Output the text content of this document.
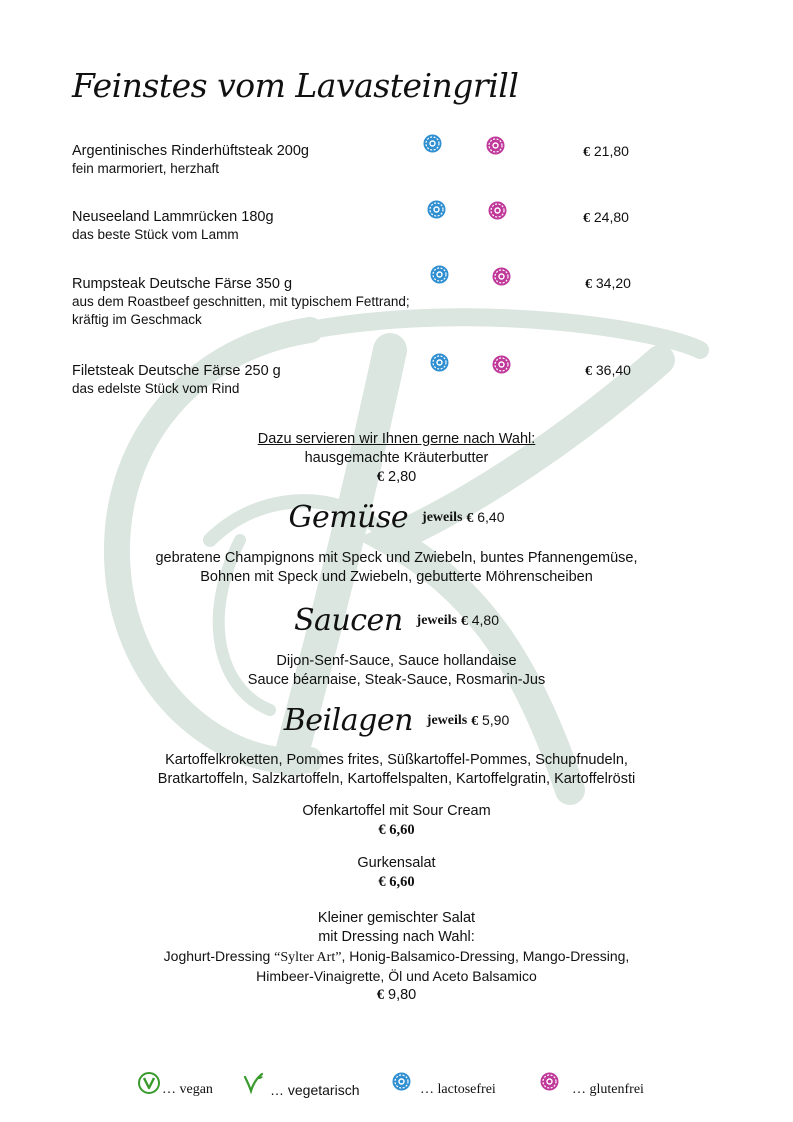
Feinstes vom Lavasteingrill
Argentinisches Rinderhüftsteak 200g
fein marmoriert, herzhaft
€ 21,80
Neuseeland Lammrücken 180g
das beste Stück vom Lamm
€ 24,80
Rumpsteak Deutsche Färse 350 g
aus dem Roastbeef geschnitten, mit typischem Fettrand;
kräftig im Geschmack
€ 34,20
Filetsteak Deutsche Färse 250 g
das edelste Stück vom Rind
€ 36,40
Dazu servieren wir Ihnen gerne nach Wahl:
hausgemachte Kräuterbutter
€ 2,80
Gemüse jeweils € 6,40
gebratene Champignons mit Speck und Zwiebeln, buntes Pfannengemüse,
Bohnen mit Speck und Zwiebeln, gebutterte Möhrenscheiben
Saucen jeweils € 4,80
Dijon-Senf-Sauce, Sauce hollandaise
Sauce béarnaise, Steak-Sauce, Rosmarin-Jus
Beilagen jeweils € 5,90
Kartoffelkroketten, Pommes frites, Süßkartoffel-Pommes, Schupfnudeln,
Bratkartoffeln, Salzkartoffeln, Kartoffelspalten, Kartoffelgratin, Kartoffelrösti
Ofenkartoffel mit Sour Cream
€ 6,60
Gurkensalat
€ 6,60
Kleiner gemischter Salat
mit Dressing nach Wahl:
Joghurt-Dressing “Sylter Art”, Honig-Balsamico-Dressing, Mango-Dressing,
Himbeer-Vinaigrette, Öl und Aceto Balsamico
€ 9,80
… vegan	… vegetarisch	… lactosefrei	… glutenfrei
